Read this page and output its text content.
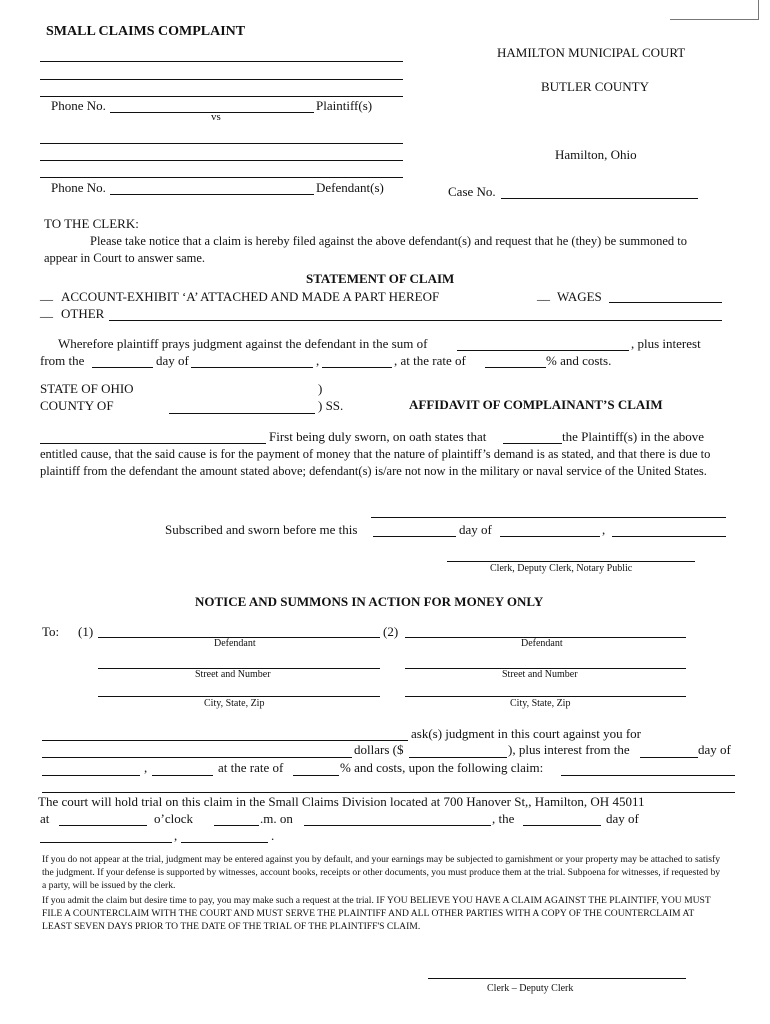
SMALL CLAIMS COMPLAINT
HAMILTON MUNICIPAL COURT
BUTLER COUNTY
Hamilton, Ohio
Case No.
Phone No.	Plaintiff(s)
vs
Phone No.	Defendant(s)
TO THE CLERK:
Please take notice that a claim is hereby filed against the above defendant(s) and request that he (they) be summoned to appear in Court to answer same.
STATEMENT OF CLAIM
__ ACCOUNT-EXHIBIT ‘A’ ATTACHED AND MADE A PART HEREOF	__ WAGES
__ OTHER
Wherefore plaintiff prays judgment against the defendant in the sum of	, plus interest
from the	day of	,	, at the rate of	% and costs.
STATE OF OHIO	)
COUNTY OF	) SS.	AFFIDAVIT OF COMPLAINANT’S CLAIM
First being duly sworn, on oath states that	the Plaintiff(s) in the above
entitled cause, that the said cause is for the payment of money that the nature of plaintiff’s demand is as stated, and that there is due to plaintiff from the defendant the amount stated above; defendant(s) is/are not now in the military or naval service of the United States.
Subscribed and sworn before me this	day of	,
Clerk, Deputy Clerk, Notary Public
NOTICE AND SUMMONS IN ACTION FOR MONEY ONLY
To: (1)	(2)
Defendant	Defendant
Street and Number	Street and Number
City, State, Zip	City, State, Zip
ask(s) judgment in this court against you for
dollars ($	), plus interest from the	day of
,	at the rate of	% and costs, upon the following claim:
The court will hold trial on this claim in the Small Claims Division located at 700 Hanover St,, Hamilton, OH 45011
at	o’clock	.m. on	, the	day of
,	.
If you do not appear at the trial, judgment may be entered against you by default, and your earnings may be subjected to garnishment or your property may be attached to satisfy the judgment. If your defense is supported by witnesses, account books, receipts or other documents, you must produce them at the trial. Subpoena for witnesses, if requested by a party, will be issued by the clerk.
If you admit the claim but desire time to pay, you may make such a request at the trial. IF YOU BELIEVE YOU HAVE A CLAIM AGAINST THE PLAINTIFF, YOU MUST FILE A COUNTERCLAIM WITH THE COURT AND MUST SERVE THE PLAINTIFF AND ALL OTHER PARTIES WITH A COPY OF THE COUNTERCLAIM AT LEAST SEVEN DAYS PRIOR TO THE DATE OF THE TRIAL OF THE PLAINTIFF'S CLAIM.
Clerk – Deputy Clerk
